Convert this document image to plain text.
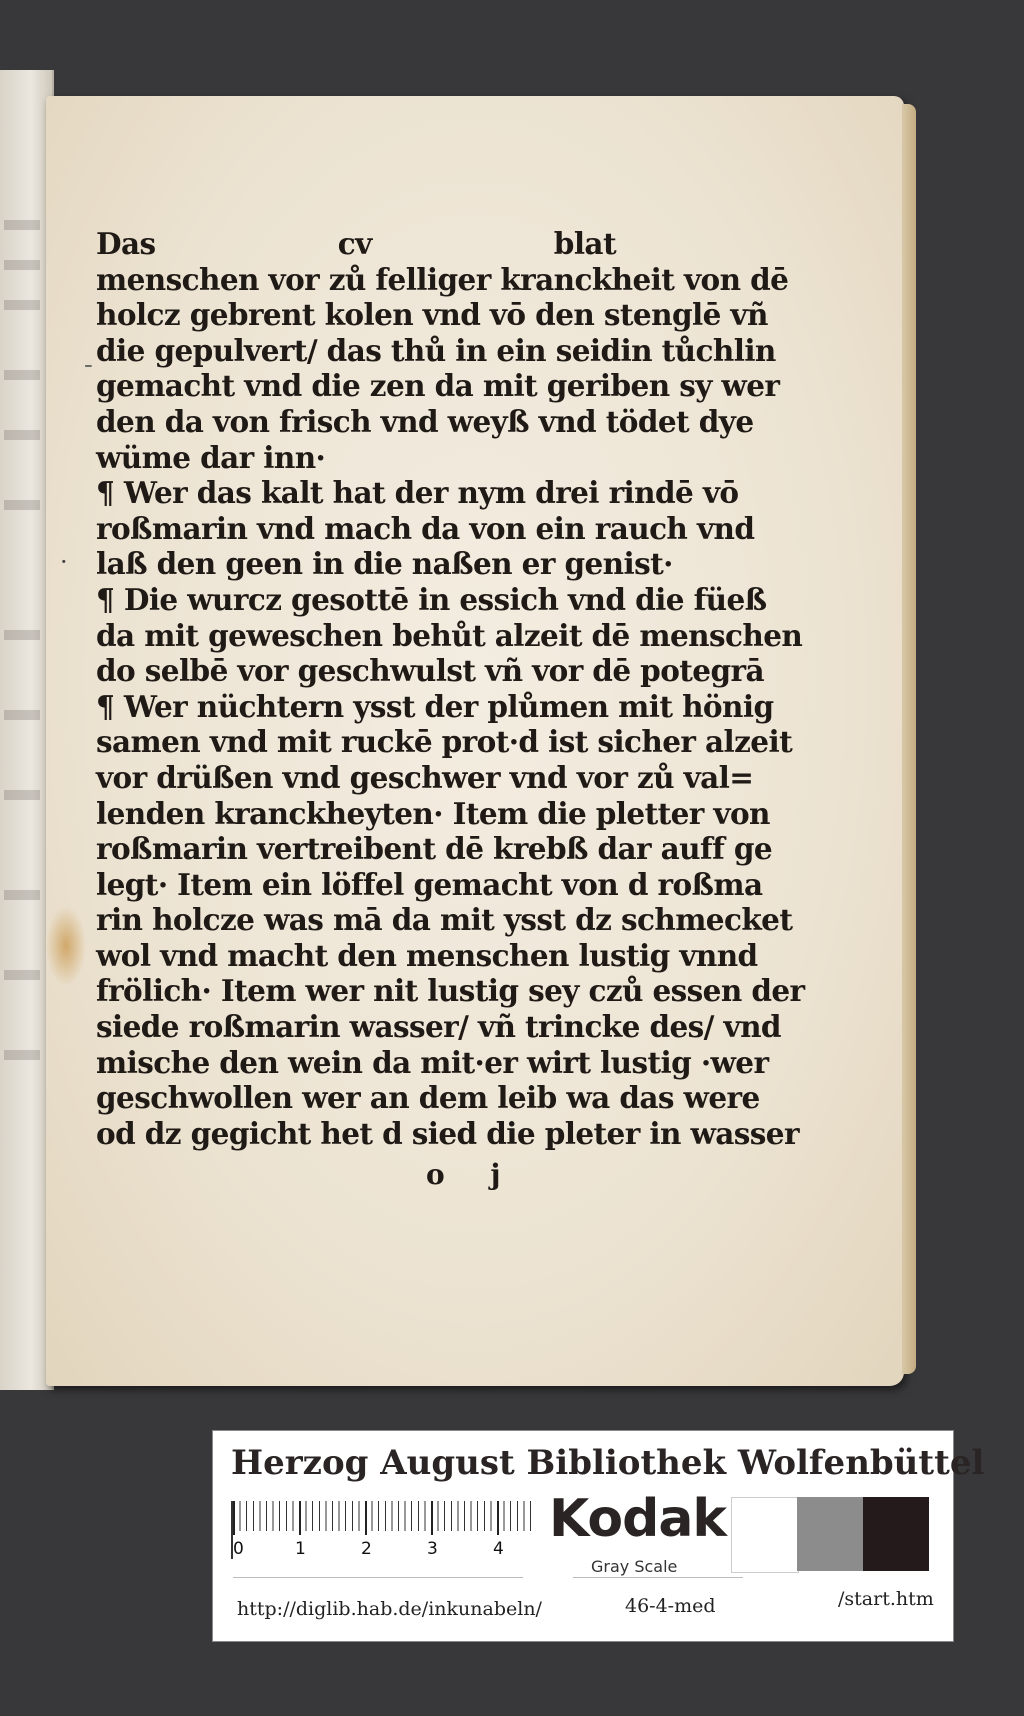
-
·
Das	cv	blat
menschen vor zů felliger kranckheit von dē
holcz gebrent kolen vnd vō den stenglē vñ
die gepulvert/ das thů in ein seidin tůchlin
gemacht vnd die zen da mit geriben sy wer
den da von frisch vnd weyß vnd tödet dye
wüme dar inn·
¶ Wer das kalt hat der nym drei rindē vō
roßmarin vnd mach da von ein rauch vnd
laß den geen in die naßen er genist·
¶ Die wurcz gesottē in essich vnd die füeß
da mit geweschen behůt alzeit dē menschen
do selbē vor geschwulst vñ vor dē potegrā
¶ Wer nüchtern ysst der plůmen mit hönig
samen vnd mit ruckē prot·d ist sicher alzeit
vor drüßen vnd geschwer vnd vor zů val=
lenden kranckheyten· Item die pletter von
roßmarin vertreibent dē krebß dar auff ge
legt· Item ein löffel gemacht von d roßma
rin holcze was mā da mit ysst dz schmecket
wol vnd macht den menschen lustig vnnd
frölich· Item wer nit lustig sey czů essen der
siede roßmarin wasser/ vñ trincke des/ vnd
mische den wein da mit·er wirt lustig ·wer
geschwollen wer an dem leib wa das were
od dz gegicht het d sied die pleter in wasser
o j
Herzog August Bibliothek Wolfenbüttel
0	1	2	3	4 Kodak
Gray Scale
http://diglib.hab.de/inkunabeln/	46-4-med	/start.htm
